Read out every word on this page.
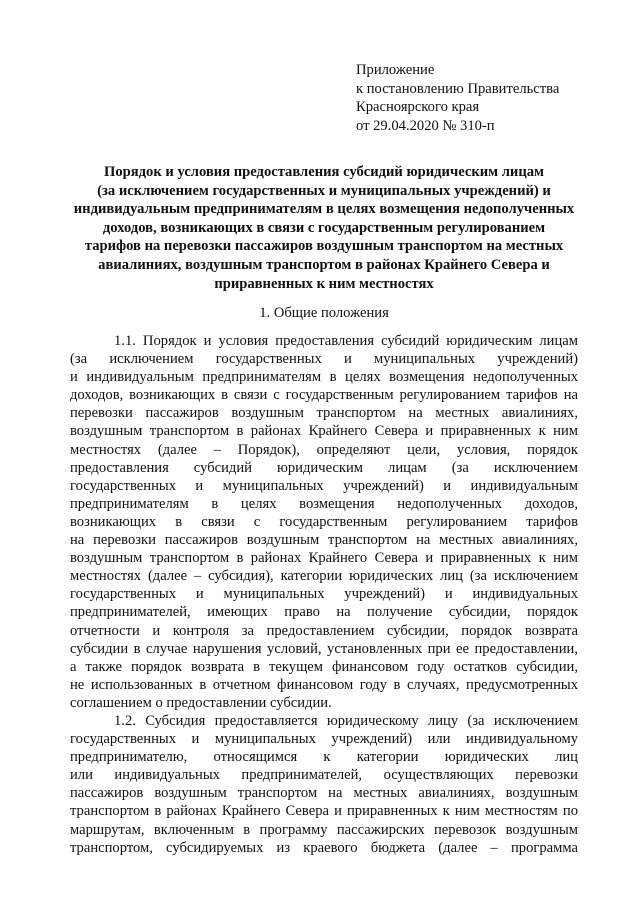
Приложение
к постановлению Правительства
Красноярского края
от 29.04.2020 № 310-п
Порядок и условия предоставления субсидий юридическим лицам
(за исключением государственных и муниципальных учреждений) и
индивидуальным предпринимателям в целях возмещения недополученных
доходов, возникающих в связи с государственным регулированием
тарифов на перевозки пассажиров воздушным транспортом на местных
авиалиниях, воздушным транспортом в районах Крайнего Севера и
приравненных к ним местностях
1. Общие положения
1.1. Порядок и условия предоставления субсидий юридическим лицам
(за исключением государственных и муниципальных учреждений)
и индивидуальным предпринимателям в целях возмещения недополученных
доходов, возникающих в связи с государственным регулированием тарифов на
перевозки пассажиров воздушным транспортом на местных авиалиниях,
воздушным транспортом в районах Крайнего Севера и приравненных к ним
местностях (далее – Порядок), определяют цели, условия, порядок
предоставления субсидий юридическим лицам (за исключением
государственных и муниципальных учреждений) и индивидуальным
предпринимателям в целях возмещения недополученных доходов,
возникающих в связи с государственным регулированием тарифов
на перевозки пассажиров воздушным транспортом на местных авиалиниях,
воздушным транспортом в районах Крайнего Севера и приравненных к ним
местностях (далее – субсидия), категории юридических лиц (за исключением
государственных и муниципальных учреждений) и индивидуальных
предпринимателей, имеющих право на получение субсидии, порядок
отчетности и контроля за предоставлением субсидии, порядок возврата
субсидии в случае нарушения условий, установленных при ее предоставлении,
а также порядок возврата в текущем финансовом году остатков субсидии,
не использованных в отчетном финансовом году в случаях, предусмотренных
соглашением о предоставлении субсидии.
1.2. Субсидия предоставляется юридическому лицу (за исключением
государственных и муниципальных учреждений) или индивидуальному
предпринимателю, относящимся к категории юридических лиц
или индивидуальных предпринимателей, осуществляющих перевозки
пассажиров воздушным транспортом на местных авиалиниях, воздушным
транспортом в районах Крайнего Севера и приравненных к ним местностям по
маршрутам, включенным в программу пассажирских перевозок воздушным
транспортом, субсидируемых из краевого бюджета (далее – программа
